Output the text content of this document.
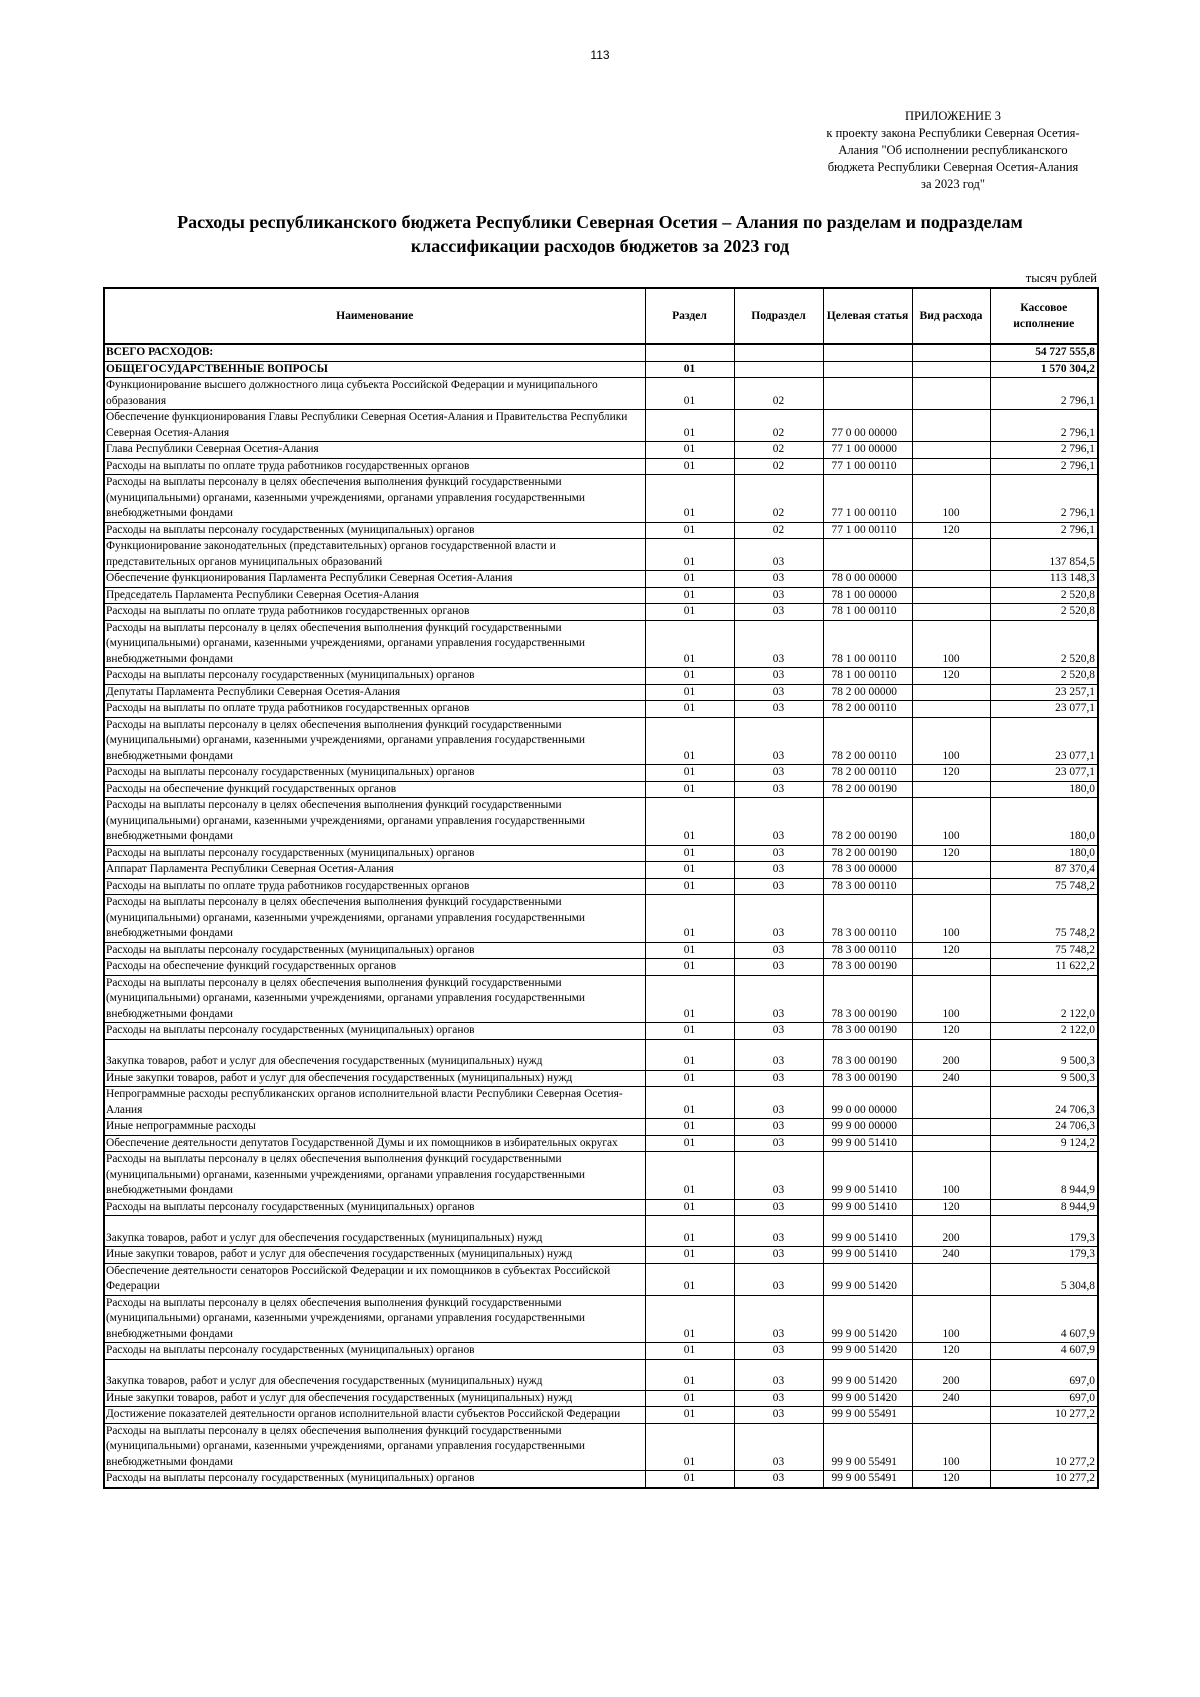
113
ПРИЛОЖЕНИЕ 3
к проекту закона Республики Северная Осетия-
Алания "Об исполнении республиканского
бюджета Республики Северная Осетия-Алания
за 2023 год"
Расходы республиканского бюджета Республики Северная Осетия – Алания по разделам и подразделам
классификации расходов бюджетов за 2023 год
тысяч рублей
Наименование	Раздел	Подраздел	Целевая статья	Вид расхода	Кассовое исполнение
ВСЕГО РАСХОДОВ:					54 727 555,8
ОБЩЕГОСУДАРСТВЕННЫЕ ВОПРОСЫ	01				1 570 304,2
Функционирование высшего должностного лица субъекта Российской Федерации и муниципального образования	01	02			2 796,1
Обеспечение функционирования Главы Республики Северная Осетия-Алания и Правительства Республики Северная Осетия-Алания	01	02	77 0 00 00000		2 796,1
Глава Республики Северная Осетия-Алания	01	02	77 1 00 00000		2 796,1
Расходы на выплаты по оплате труда работников государственных органов	01	02	77 1 00 00110		2 796,1
Расходы на выплаты персоналу в целях обеспечения выполнения функций государственными (муниципальными) органами, казенными учреждениями, органами управления государственными внебюджетными фондами	01	02	77 1 00 00110	100	2 796,1
Расходы на выплаты персоналу государственных (муниципальных) органов	01	02	77 1 00 00110	120	2 796,1
Функционирование законодательных (представительных) органов государственной власти и представительных органов муниципальных образований	01	03			137 854,5
Обеспечение функционирования Парламента Республики Северная Осетия-Алания	01	03	78 0 00 00000		113 148,3
Председатель Парламента Республики Северная Осетия-Алания	01	03	78 1 00 00000		2 520,8
Расходы на выплаты по оплате труда работников государственных органов	01	03	78 1 00 00110		2 520,8
Расходы на выплаты персоналу в целях обеспечения выполнения функций государственными (муниципальными) органами, казенными учреждениями, органами управления государственными внебюджетными фондами	01	03	78 1 00 00110	100	2 520,8
Расходы на выплаты персоналу государственных (муниципальных) органов	01	03	78 1 00 00110	120	2 520,8
Депутаты Парламента Республики Северная Осетия-Алания	01	03	78 2 00 00000		23 257,1
Расходы на выплаты по оплате труда работников государственных органов	01	03	78 2 00 00110		23 077,1
Расходы на выплаты персоналу в целях обеспечения выполнения функций государственными (муниципальными) органами, казенными учреждениями, органами управления государственными внебюджетными фондами	01	03	78 2 00 00110	100	23 077,1
Расходы на выплаты персоналу государственных (муниципальных) органов	01	03	78 2 00 00110	120	23 077,1
Расходы на обеспечение функций государственных органов	01	03	78 2 00 00190		180,0
Расходы на выплаты персоналу в целях обеспечения выполнения функций государственными (муниципальными) органами, казенными учреждениями, органами управления государственными внебюджетными фондами	01	03	78 2 00 00190	100	180,0
Расходы на выплаты персоналу государственных (муниципальных) органов	01	03	78 2 00 00190	120	180,0
Аппарат Парламента Республики Северная Осетия-Алания	01	03	78 3 00 00000		87 370,4
Расходы на выплаты по оплате труда работников государственных органов	01	03	78 3 00 00110		75 748,2
Расходы на выплаты персоналу в целях обеспечения выполнения функций государственными (муниципальными) органами, казенными учреждениями, органами управления государственными внебюджетными фондами	01	03	78 3 00 00110	100	75 748,2
Расходы на выплаты персоналу государственных (муниципальных) органов	01	03	78 3 00 00110	120	75 748,2
Расходы на обеспечение функций государственных органов	01	03	78 3 00 00190		11 622,2
Расходы на выплаты персоналу в целях обеспечения выполнения функций государственными (муниципальными) органами, казенными учреждениями, органами управления государственными внебюджетными фондами	01	03	78 3 00 00190	100	2 122,0
Расходы на выплаты персоналу государственных (муниципальных) органов	01	03	78 3 00 00190	120	2 122,0
Закупка товаров, работ и услуг для обеспечения государственных (муниципальных) нужд	01	03	78 3 00 00190	200	9 500,3
Иные закупки товаров, работ и услуг для обеспечения государственных (муниципальных) нужд	01	03	78 3 00 00190	240	9 500,3
Непрограммные расходы республиканских органов исполнительной власти Республики Северная Осетия-Алания	01	03	99 0 00 00000		24 706,3
Иные непрограммные расходы	01	03	99 9 00 00000		24 706,3
Обеспечение деятельности депутатов Государственной Думы и их помощников в избирательных округах	01	03	99 9 00 51410		9 124,2
Расходы на выплаты персоналу в целях обеспечения выполнения функций государственными (муниципальными) органами, казенными учреждениями, органами управления государственными внебюджетными фондами	01	03	99 9 00 51410	100	8 944,9
Расходы на выплаты персоналу государственных (муниципальных) органов	01	03	99 9 00 51410	120	8 944,9
Закупка товаров, работ и услуг для обеспечения государственных (муниципальных) нужд	01	03	99 9 00 51410	200	179,3
Иные закупки товаров, работ и услуг для обеспечения государственных (муниципальных) нужд	01	03	99 9 00 51410	240	179,3
Обеспечение деятельности сенаторов Российской Федерации и их помощников в субъектах Российской Федерации	01	03	99 9 00 51420		5 304,8
Расходы на выплаты персоналу в целях обеспечения выполнения функций государственными (муниципальными) органами, казенными учреждениями, органами управления государственными внебюджетными фондами	01	03	99 9 00 51420	100	4 607,9
Расходы на выплаты персоналу государственных (муниципальных) органов	01	03	99 9 00 51420	120	4 607,9
Закупка товаров, работ и услуг для обеспечения государственных (муниципальных) нужд	01	03	99 9 00 51420	200	697,0
Иные закупки товаров, работ и услуг для обеспечения государственных (муниципальных) нужд	01	03	99 9 00 51420	240	697,0
Достижение показателей деятельности органов исполнительной власти субъектов Российской Федерации	01	03	99 9 00 55491		10 277,2
Расходы на выплаты персоналу в целях обеспечения выполнения функций государственными (муниципальными) органами, казенными учреждениями, органами управления государственными внебюджетными фондами	01	03	99 9 00 55491	100	10 277,2
Расходы на выплаты персоналу государственных (муниципальных) органов	01	03	99 9 00 55491	120	10 277,2
